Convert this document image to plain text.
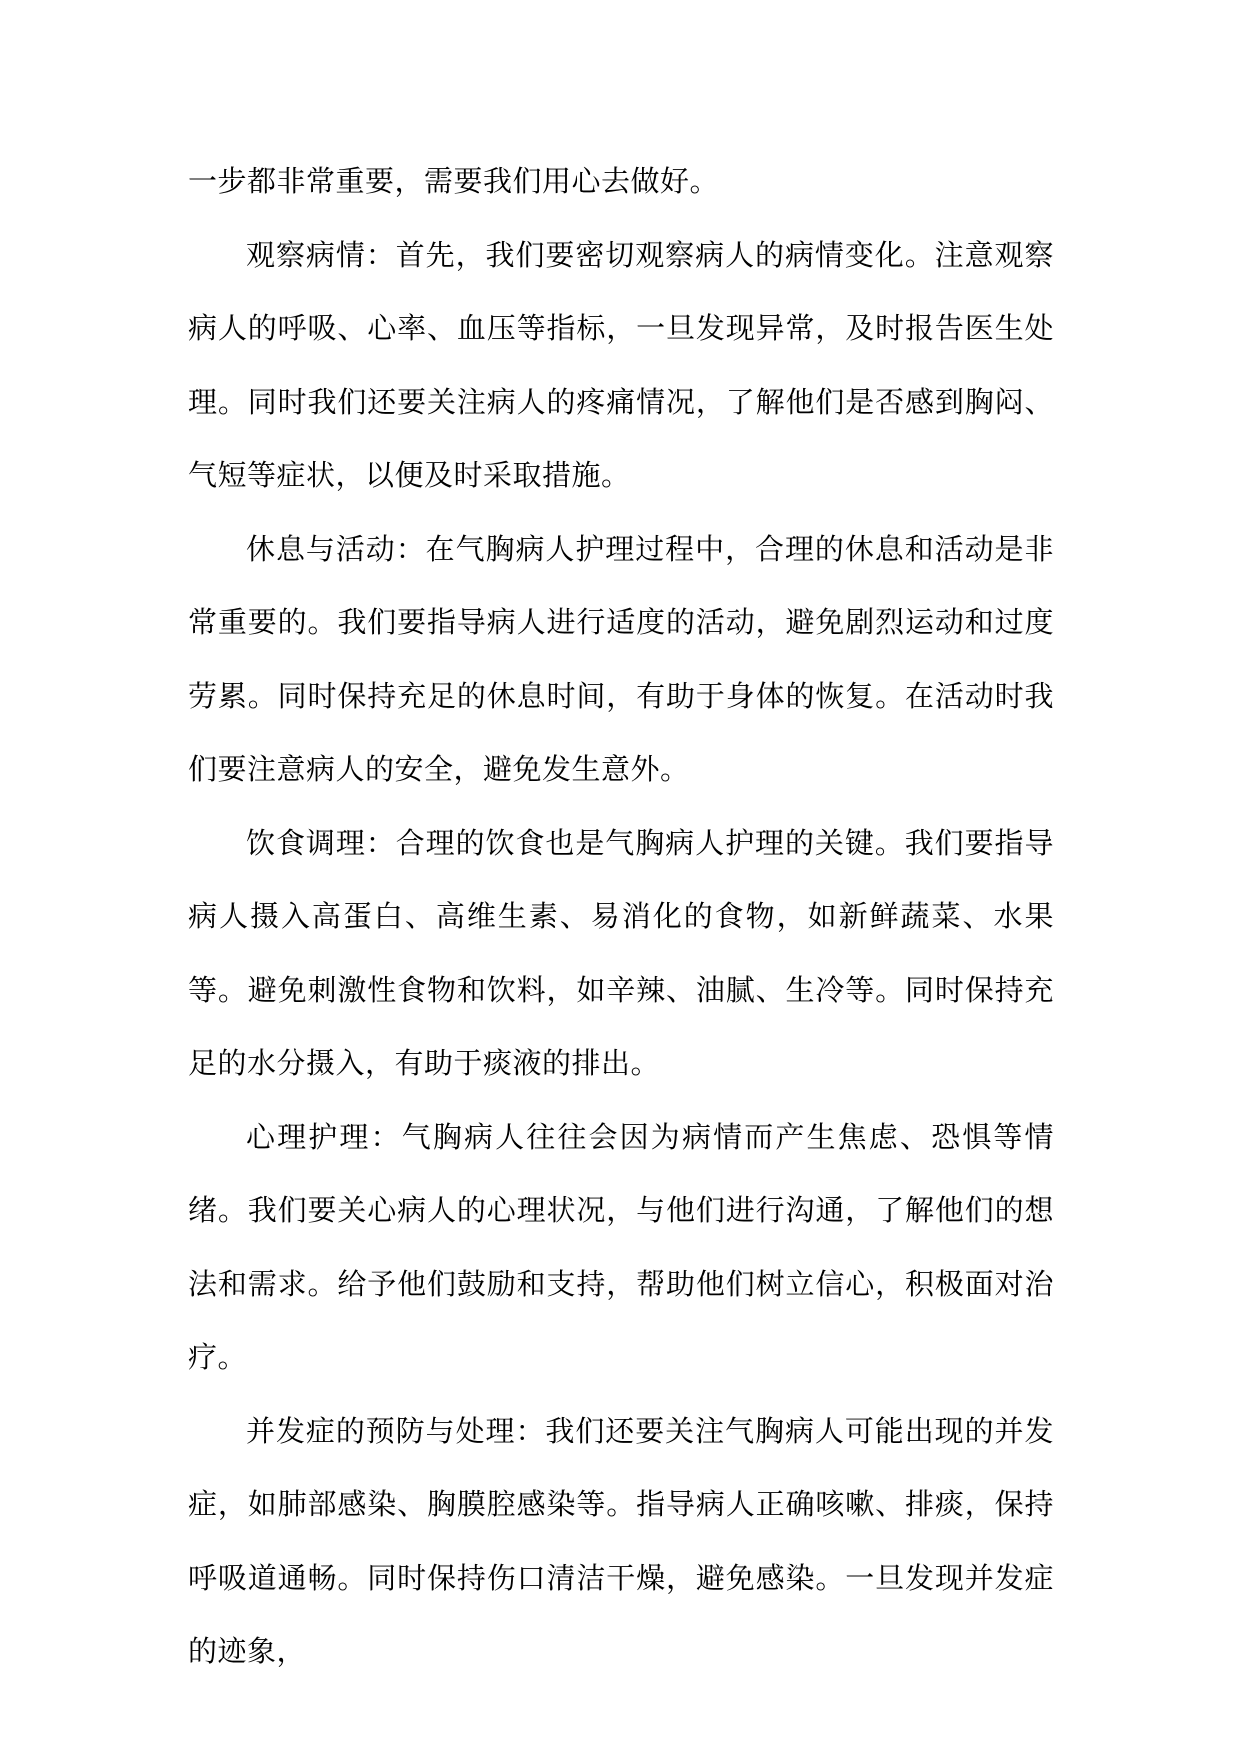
一步都非常重要，需要我们用心去做好。

观察病情：首先，我们要密切观察病人的病情变化。注意观察病人的呼吸、心率、血压等指标，一旦发现异常，及时报告医生处理。同时我们还要关注病人的疼痛情况，了解他们是否感到胸闷、气短等症状，以便及时采取措施。

休息与活动：在气胸病人护理过程中，合理的休息和活动是非常重要的。我们要指导病人进行适度的活动，避免剧烈运动和过度劳累。同时保持充足的休息时间，有助于身体的恢复。在活动时我们要注意病人的安全，避免发生意外。

饮食调理：合理的饮食也是气胸病人护理的关键。我们要指导病人摄入高蛋白、高维生素、易消化的食物，如新鲜蔬菜、水果等。避免刺激性食物和饮料，如辛辣、油腻、生冷等。同时保持充足的水分摄入，有助于痰液的排出。

心理护理：气胸病人往往会因为病情而产生焦虑、恐惧等情绪。我们要关心病人的心理状况，与他们进行沟通，了解他们的想法和需求。给予他们鼓励和支持，帮助他们树立信心，积极面对治疗。

并发症的预防与处理：我们还要关注气胸病人可能出现的并发症，如肺部感染、胸膜腔感染等。指导病人正确咳嗽、排痰，保持呼吸道通畅。同时保持伤口清洁干燥，避免感染。一旦发现并发症的迹象，
